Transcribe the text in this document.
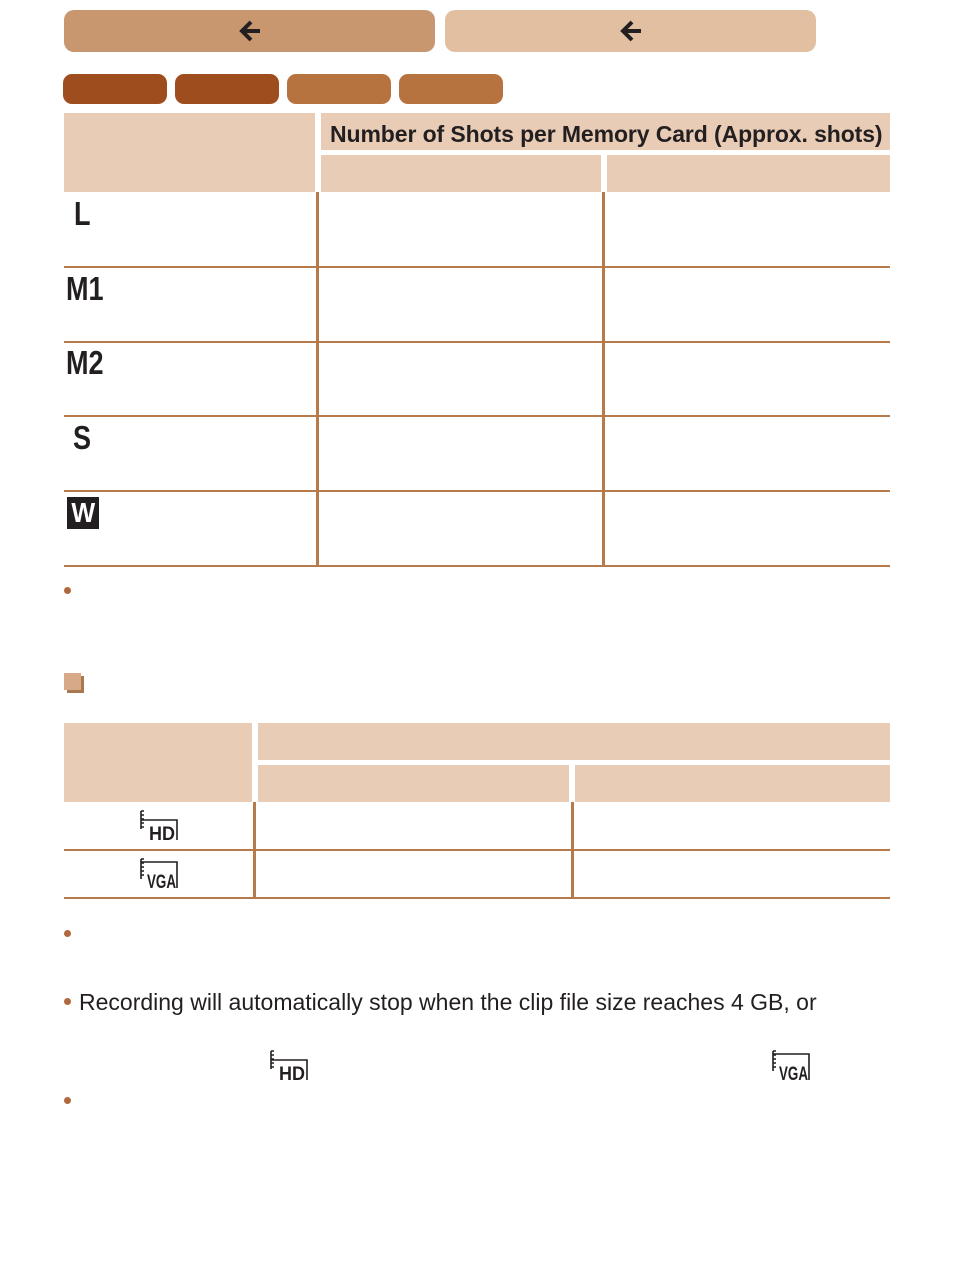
Number of Shots per Memory Card (Approx. shots)
L
M1
M2
S
W
HD
VGA
Recording will automatically stop when the clip file size reaches 4 GB, or
HD	VGA
